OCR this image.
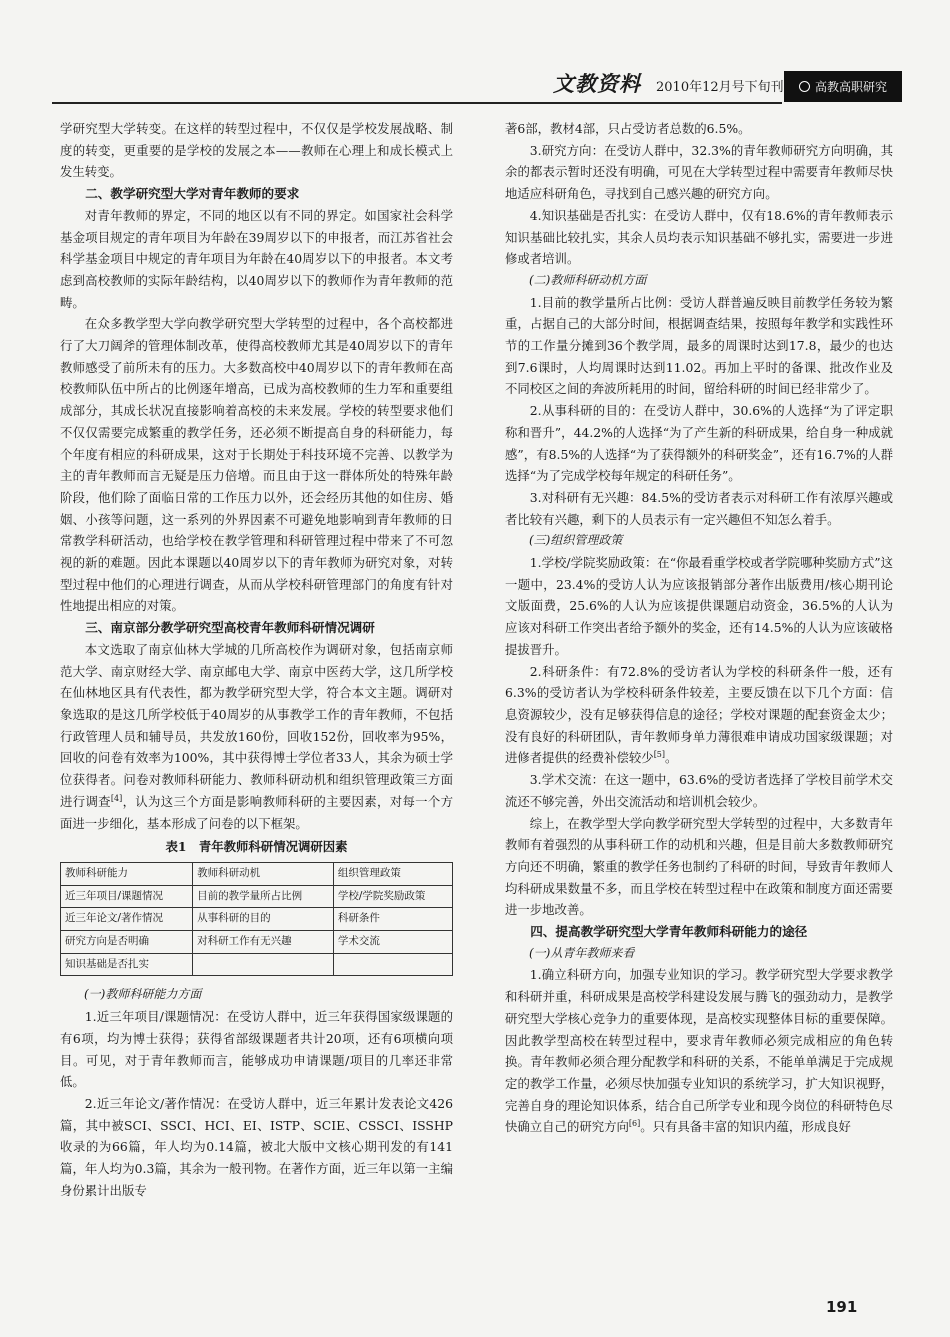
文教资料 2010年12月号下旬刊	高教高职研究

学研究型大学转变。在这样的转型过程中，不仅仅是学校发展战略、制度的转变，更重要的是学校的发展之本——教师在心理上和成长模式上发生转变。

二、教学研究型大学对青年教师的要求

对青年教师的界定，不同的地区以有不同的界定。如国家社会科学基金项目规定的青年项目为年龄在39周岁以下的申报者，而江苏省社会科学基金项目中规定的青年项目为年龄在40周岁以下的申报者。本文考虑到高校教师的实际年龄结构，以40周岁以下的教师作为青年教师的范畴。

在众多教学型大学向教学研究型大学转型的过程中，各个高校都进行了大刀阔斧的管理体制改革，使得高校教师尤其是40周岁以下的青年教师感受了前所未有的压力。大多数高校中40周岁以下的青年教师在高校教师队伍中所占的比例逐年增高，已成为高校教师的生力军和重要组成部分，其成长状况直接影响着高校的未来发展。学校的转型要求他们不仅仅需要完成繁重的教学任务，还必须不断提高自身的科研能力，每个年度有相应的科研成果，这对于长期处于科技环境不完善、以教学为主的青年教师而言无疑是压力倍增。而且由于这一群体所处的特殊年龄阶段，他们除了面临日常的工作压力以外，还会经历其他的如住房、婚姻、小孩等问题，这一系列的外界因素不可避免地影响到青年教师的日常教学科研活动，也给学校在教学管理和科研管理过程中带来了不可忽视的新的难题。因此本课题以40周岁以下的青年教师为研究对象，对转型过程中他们的心理进行调查，从而从学校科研管理部门的角度有针对性地提出相应的对策。

三、南京部分教学研究型高校青年教师科研情况调研

本文选取了南京仙林大学城的几所高校作为调研对象，包括南京师范大学、南京财经大学、南京邮电大学、南京中医药大学，这几所学校在仙林地区具有代表性，都为教学研究型大学，符合本文主题。调研对象选取的是这几所学校低于40周岁的从事教学工作的青年教师，不包括行政管理人员和辅导员，共发放160份，回收152份，回收率为95%，回收的问卷有效率为100%，其中获得博士学位者33人，其余为硕士学位获得者。问卷对教师科研能力、教师科研动机和组织管理政策三方面进行调查[4]，认为这三个方面是影响教师科研的主要因素，对每一个方面进一步细化，基本形成了问卷的以下框架。

表1　青年教师科研情况调研因素
教师科研能力	教师科研动机	组织管理政策
近三年项目/课题情况	目前的教学量所占比例	学校/学院奖励政策
近三年论文/著作情况	从事科研的目的	科研条件
研究方向是否明确	对科研工作有无兴趣	学术交流
知识基础是否扎实		
(一)教师科研能力方面

1.近三年项目/课题情况：在受访人群中，近三年获得国家级课题的有6项，均为博士获得；获得省部级课题者共计20项，还有6项横向项目。可见，对于青年教师而言，能够成功申请课题/项目的几率还非常低。

2.近三年论文/著作情况：在受访人群中，近三年累计发表论文426篇，其中被SCI、SSCI、HCI、EI、ISTP、SCIE、CSSCI、ISSHP收录的为66篇，年人均为0.14篇，被北大版中文核心期刊发的有141篇，年人均为0.3篇，其余为一般刊物。在著作方面，近三年以第一主编身份累计出版专

著6部，教材4部，只占受访者总数的6.5%。

3.研究方向：在受访人群中，32.3%的青年教师研究方向明确，其余的都表示暂时还没有明确，可见在大学转型过程中需要青年教师尽快地适应科研角色，寻找到自己感兴趣的研究方向。

4.知识基础是否扎实：在受访人群中，仅有18.6%的青年教师表示知识基础比较扎实，其余人员均表示知识基础不够扎实，需要进一步进修或者培训。

(二)教师科研动机方面

1.目前的教学量所占比例：受访人群普遍反映目前教学任务较为繁重，占据自己的大部分时间，根据调查结果，按照每年教学和实践性环节的工作量分摊到36个教学周，最多的周课时达到17.8，最少的也达到7.6课时，人均周课时达到11.02。再加上平时的备课、批改作业及不同校区之间的奔波所耗用的时间，留给科研的时间已经非常少了。

2.从事科研的目的：在受访人群中，30.6%的人选择“为了评定职称和晋升”，44.2%的人选择“为了产生新的科研成果，给自身一种成就感”，有8.5%的人选择“为了获得额外的科研奖金”，还有16.7%的人群选择“为了完成学校每年规定的科研任务”。

3.对科研有无兴趣：84.5%的受访者表示对科研工作有浓厚兴趣或者比较有兴趣，剩下的人员表示有一定兴趣但不知怎么着手。

(三)组织管理政策

1.学校/学院奖励政策：在“你最看重学校或者学院哪种奖励方式”这一题中，23.4%的受访人认为应该报销部分著作出版费用/核心期刊论文版面费，25.6%的人认为应该提供课题启动资金，36.5%的人认为应该对科研工作突出者给予额外的奖金，还有14.5%的人认为应该破格提拔晋升。

2.科研条件：有72.8%的受访者认为学校的科研条件一般，还有6.3%的受访者认为学校科研条件较差，主要反馈在以下几个方面：信息资源较少，没有足够获得信息的途径；学校对课题的配套资金太少；没有良好的科研团队，青年教师身单力薄很难申请成功国家级课题；对进修者提供的经费补偿较少[5]。

3.学术交流：在这一题中，63.6%的受访者选择了学校目前学术交流还不够完善，外出交流活动和培训机会较少。

综上，在教学型大学向教学研究型大学转型的过程中，大多数青年教师有着强烈的从事科研工作的动机和兴趣，但是目前大多数教师研究方向还不明确，繁重的教学任务也制约了科研的时间，导致青年教师人均科研成果数量不多，而且学校在转型过程中在政策和制度方面还需要进一步地改善。

四、提高教学研究型大学青年教师科研能力的途径
(一)从青年教师来看

1.确立科研方向，加强专业知识的学习。教学研究型大学要求教学和科研并重，科研成果是高校学科建设发展与腾飞的强劲动力，是教学研究型大学核心竞争力的重要体现，是高校实现整体目标的重要保障。因此教学型高校在转型过程中，要求青年教师必须完成相应的角色转换。青年教师必须合理分配教学和科研的关系，不能单单满足于完成规定的教学工作量，必须尽快加强专业知识的系统学习，扩大知识视野，完善自身的理论知识体系，结合自己所学专业和现今岗位的科研特色尽快确立自己的研究方向[6]。只有具备丰富的知识内蕴，形成良好

191
